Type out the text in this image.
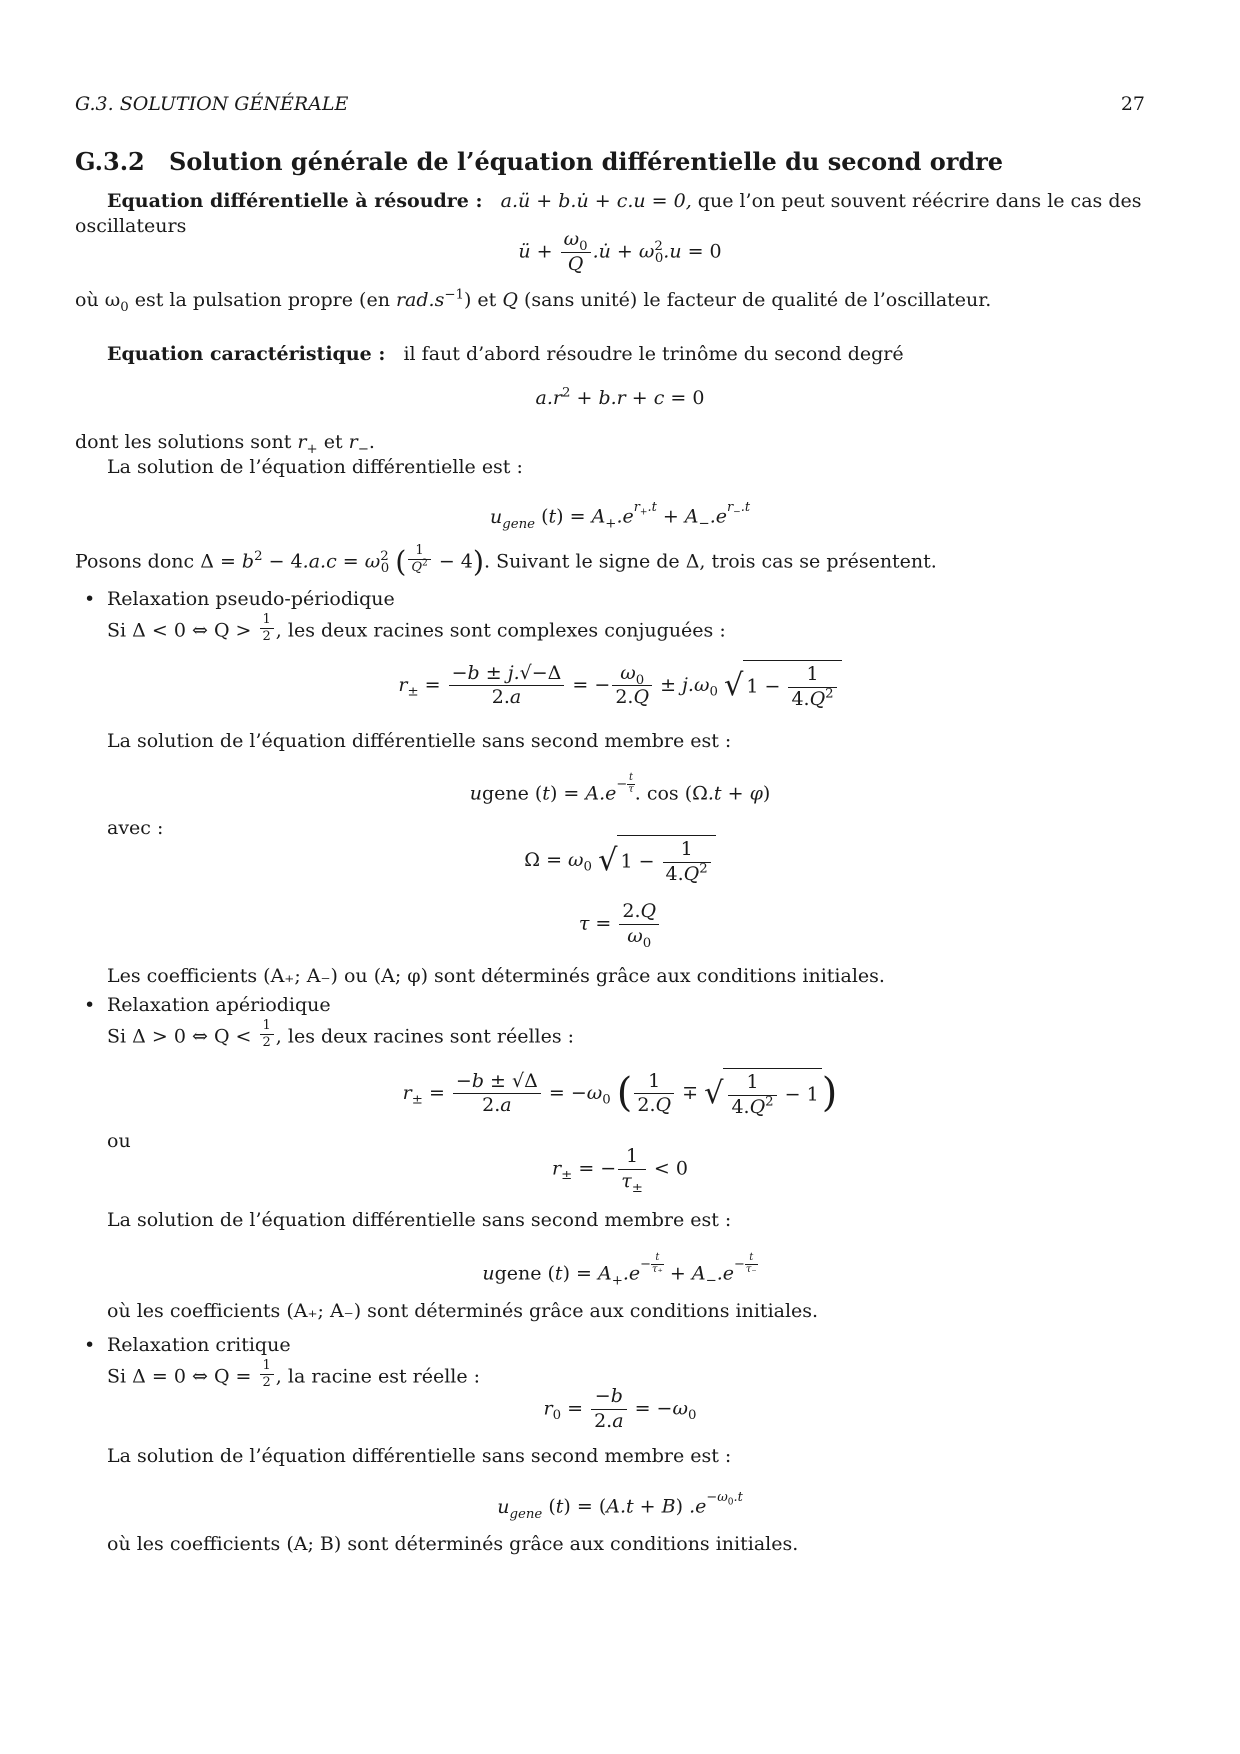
G.3. SOLUTION GÉNÉRALE	27
G.3.2 Solution générale de l’équation différentielle du second ordre
Equation différentielle à résoudre : a.ü + b.u̇ + c.u = 0, que l’on peut souvent réécrire dans le cas des
oscillateurs
ü + $\frac{\omega_0}{Q}$ .u̇ + $\omega^2_0.u = 0$
où $\omega_0$ est la pulsation propre (en $rad.s^{-1}$) et Q (sans unité) le facteur de qualité de l’oscillateur.
Equation caractéristique : il faut d’abord résoudre le trinôme du second degré
$a.r^2 + b.r + c = 0$
dont les solutions sont $r_+$ et $r_-$.
La solution de l’équation différentielle est :
$u_{gene}$ $(t) = A_+.e^{r_+.t} + A_-.e^{r_-.t}$
Posons donc $\Delta = b^2 - 4.a.c = \omega^2_0$ ( $\frac{1}{Q^2} - 4$). Suivant le signe de Δ, trois cas se présentent.
• Relaxation pseudo-périodique
Si Δ < 0 ⇔ $Q > \frac{1}{2}$ , les deux racines sont complexes conjuguées :
$r_\pm = \frac{-b \pm j.√-\Delta}{2.a}$ = − $\frac{\omega_0}{2.Q} \pm j.\omega_0$ √ $1 - \frac{1}{4.Q^2}$
La solution de l’équation différentielle sans second membre est :
ugene $(t) = A.e^- \frac{t}{\tau}$ . cos (Ω.t + φ)
avec :
$\Omega = \omega_0$ √ $1 - \frac{1}{4.Q^2}$
$\tau = \frac{2.Q}{\omega_0}$
Les coefficients (A₊; A₋) ou (A; φ) sont déterminés grâce aux conditions initiales.
• Relaxation apériodique
Si Δ > 0 ⇔ $Q < \frac{1}{2}$ , les deux racines sont réelles :
$r_\pm = \frac{-b \pm √\Delta}{2.a} = -\omega_0$ ( $\frac{1}{2.Q}$ ∓ √ $\frac{1}{4.Q^2} - 1$)
ou
$r_\pm$ = − $\frac{1}{\tau_\pm} < 0$
La solution de l’équation différentielle sans second membre est :
ugene $(t) = A_+.e^- \frac{t}{\tau_+} + A_-.e^- \frac{t}{\tau_-}$
où les coefficients (A₊; A₋) sont déterminés grâce aux conditions initiales.
• Relaxation critique
Si Δ = 0 ⇔ $Q = \frac{1}{2}$ , la racine est réelle :
$r_0 = \frac{-b}{2.a} = -\omega_0$
La solution de l’équation différentielle sans second membre est :
$u_{gene}$ (t) = (A.t + B) $.e^{-\omega_0.t}$
où les coefficients (A; B) sont déterminés grâce aux conditions initiales.
